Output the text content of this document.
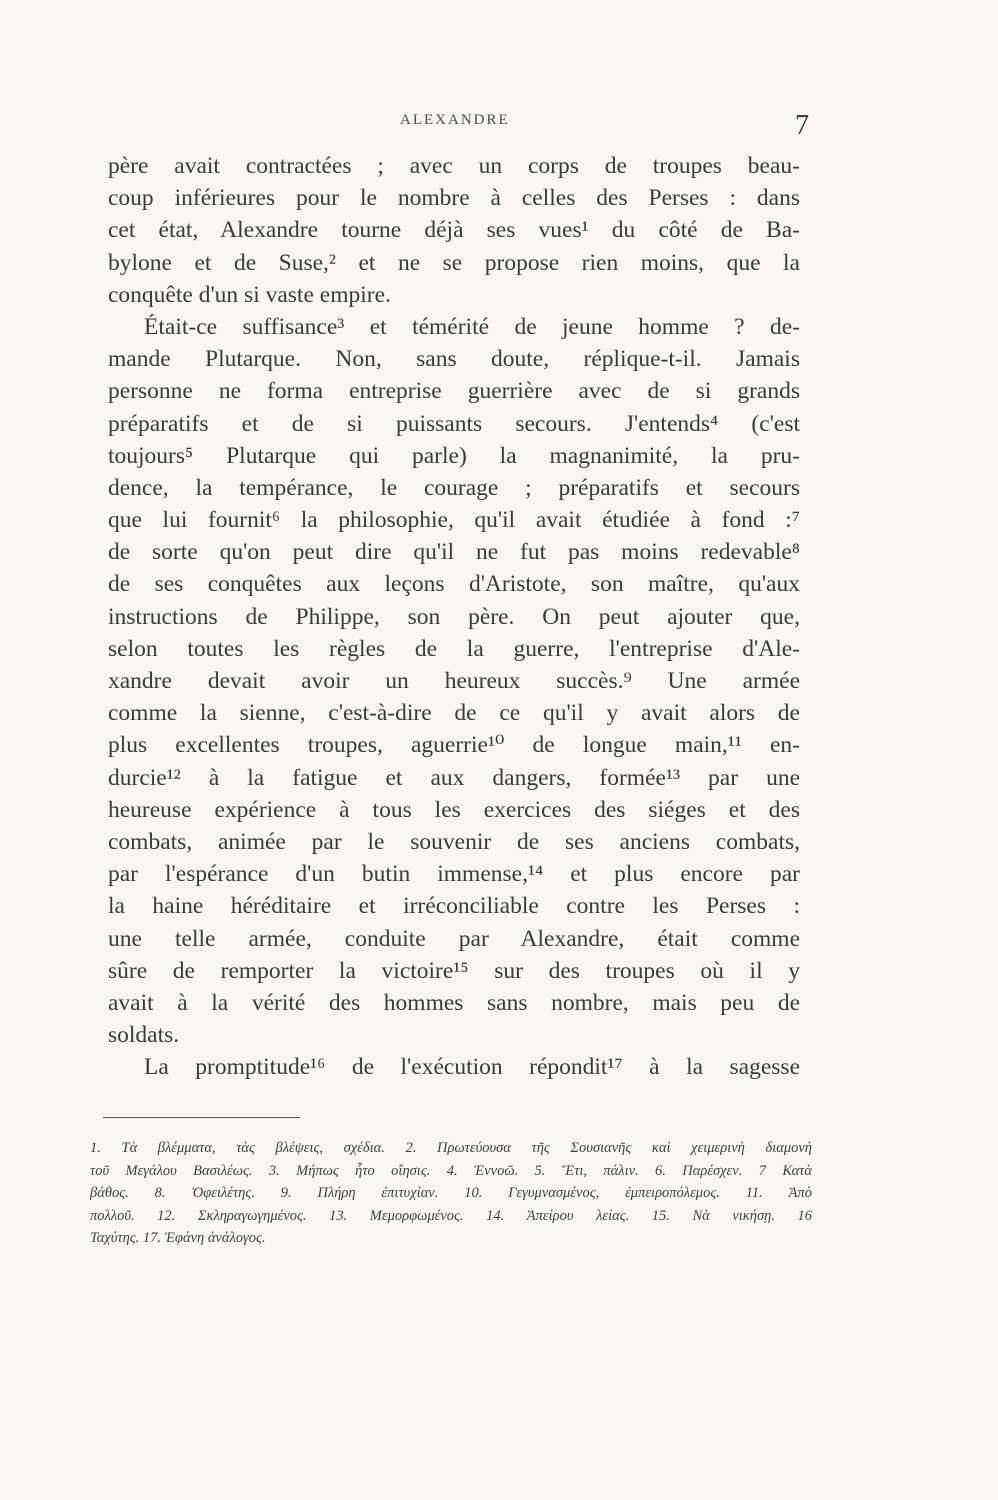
ALEXANDRE	7
père avait contractées ; avec un corps de troupes beau-
coup inférieures pour le nombre à celles des Perses : dans
cet état, Alexandre tourne déjà ses vues¹ du côté de Ba-
bylone et de Suse,² et ne se propose rien moins, que la
conquête d'un si vaste empire.
Était-ce suffisance³ et témérité de jeune homme ? de-
mande Plutarque. Non, sans doute, réplique-t-il. Jamais
personne ne forma entreprise guerrière avec de si grands
préparatifs et de si puissants secours. J'entends⁴ (c'est
toujours⁵ Plutarque qui parle) la magnanimité, la pru-
dence, la tempérance, le courage ; préparatifs et secours
que lui fournit⁶ la philosophie, qu'il avait étudiée à fond :⁷
de sorte qu'on peut dire qu'il ne fut pas moins redevable⁸
de ses conquêtes aux leçons d'Aristote, son maître, qu'aux
instructions de Philippe, son père. On peut ajouter que,
selon toutes les règles de la guerre, l'entreprise d'Ale-
xandre devait avoir un heureux succès.⁹ Une armée
comme la sienne, c'est-à-dire de ce qu'il y avait alors de
plus excellentes troupes, aguerrie¹⁰ de longue main,¹¹ en-
durcie¹² à la fatigue et aux dangers, formée¹³ par une
heureuse expérience à tous les exercices des siéges et des
combats, animée par le souvenir de ses anciens combats,
par l'espérance d'un butin immense,¹⁴ et plus encore par
la haine héréditaire et irréconciliable contre les Perses :
une telle armée, conduite par Alexandre, était comme
sûre de remporter la victoire¹⁵ sur des troupes où il y
avait à la vérité des hommes sans nombre, mais peu de
soldats.
La promptitude¹⁶ de l'exécution répondit¹⁷ à la sagesse
1. Τὰ βλέμματα, τὰς βλέψεις, σχέδια. 2. Πρωτεύουσα τῆς Σουσιανῆς καὶ χειμερινὴ διαμονὴ
τοῦ Μεγάλου Βασιλέως. 3. Μήπως ἦτο οἴησις. 4. Ἐννοῶ. 5. Ἔτι, πάλιν. 6. Παρέσχεν. 7 Κατὰ
βάθος. 8. Ὀφειλέτης. 9. Πλήρη ἐπιτυχίαν. 10. Γεγυμνασμένος, ἐμπειροπόλεμος. 11. Ἀπὸ
πολλοῦ. 12. Σκληραγωγημένος. 13. Μεμορφωμένος. 14. Ἀπείρου λείας. 15. Νὰ νικήσῃ. 16
Ταχύτης. 17. Ἐφάνη ἀνάλογος.
